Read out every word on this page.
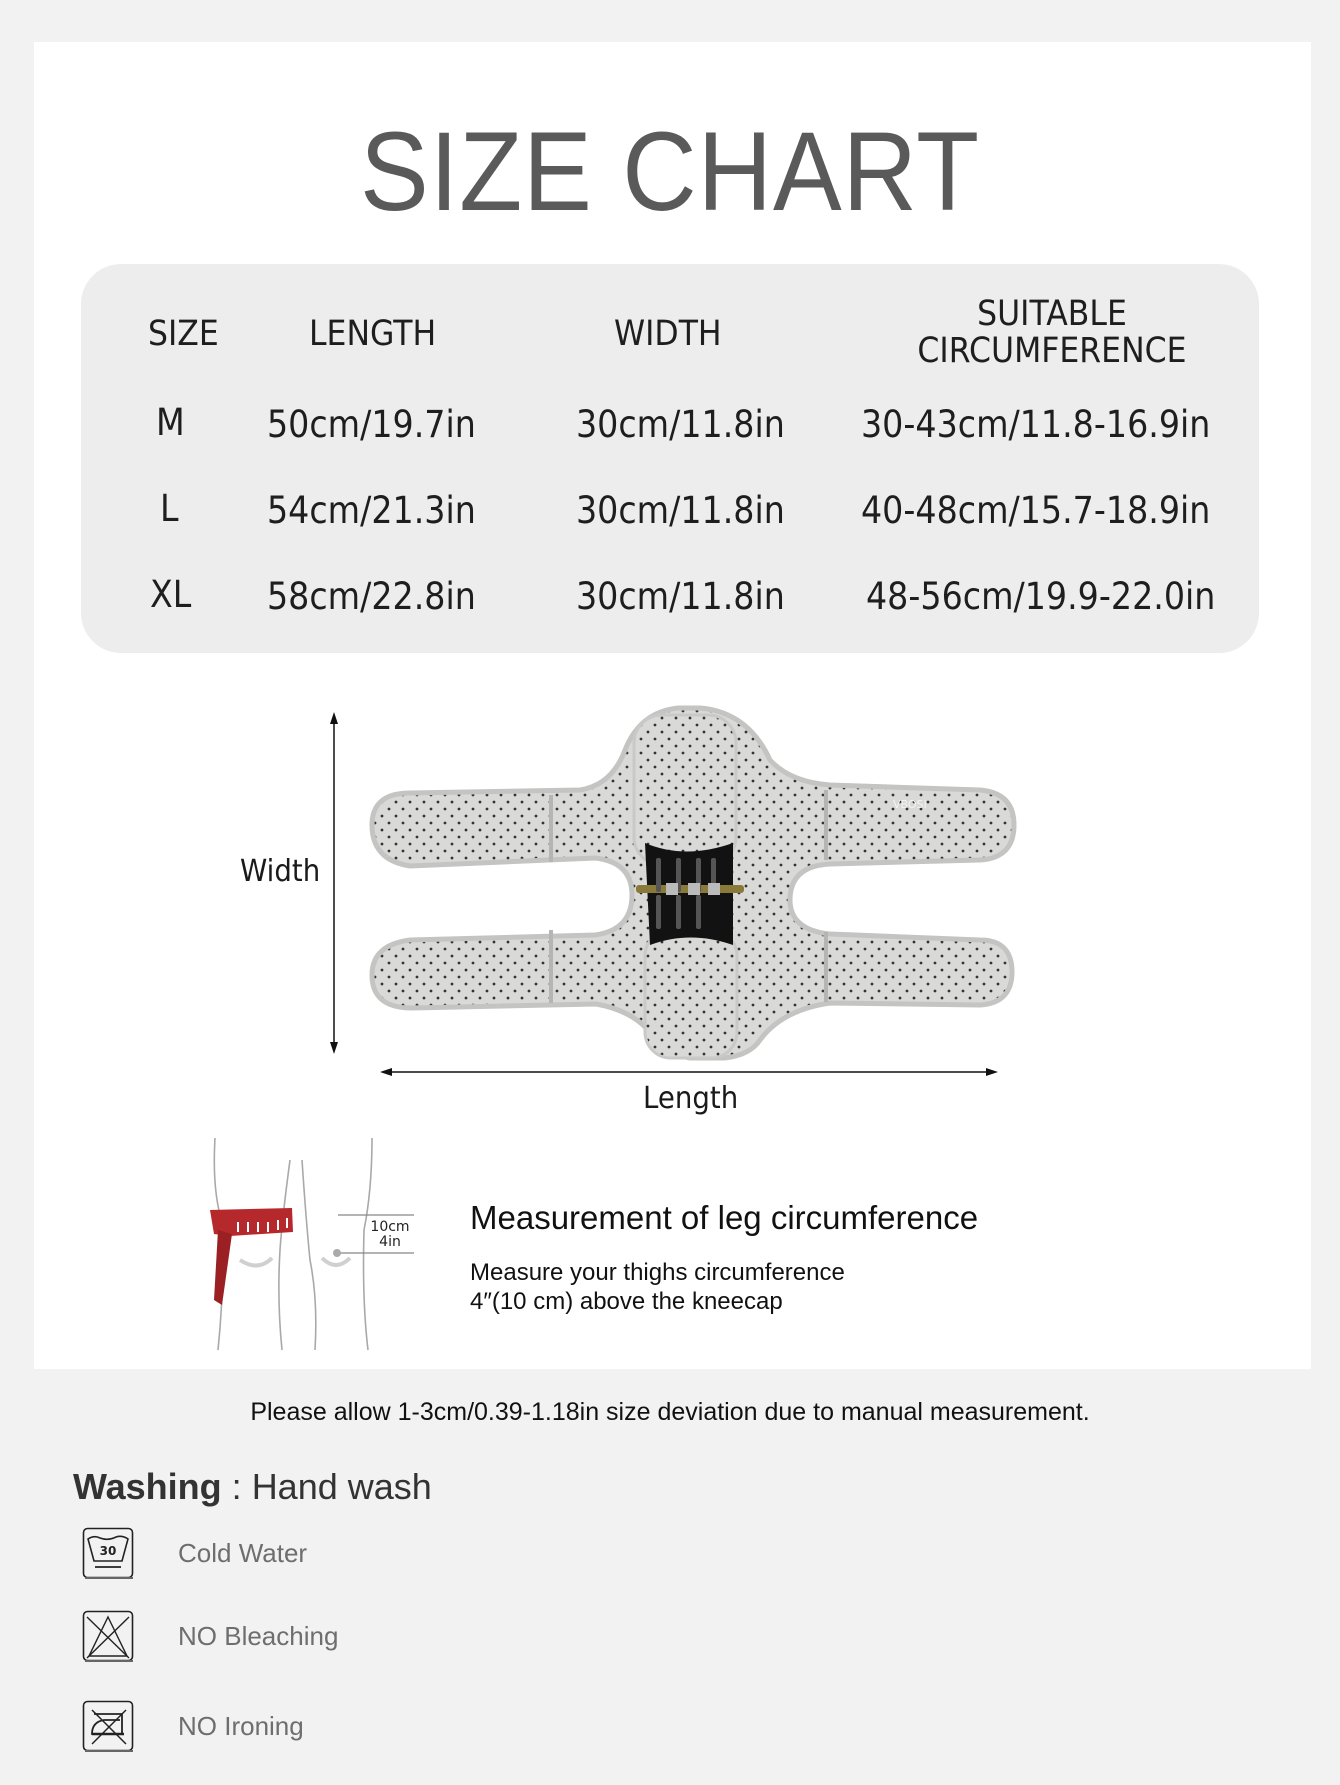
SIZE CHART
SIZE	LENGTH	WIDTH	SUITABLE
CIRCUMFERENCE
M 50cm/19.7in	30cm/11.8in 30-43cm/11.8-16.9in
L 54cm/21.3in	30cm/11.8in 40-48cm/15.7-18.9in
XL 58cm/22.8in	30cm/11.8in 48-56cm/19.9-22.0in
VBOSI
Width
Length
10cm
4in
Measurement of leg circumference
Measure your thighs circumference
4″(10 cm) above the kneecap
Please allow 1-3cm/0.39-1.18in size deviation due to manual measurement.
Washing : Hand wash
30 Cold Water
NO Bleaching
NO Ironing
